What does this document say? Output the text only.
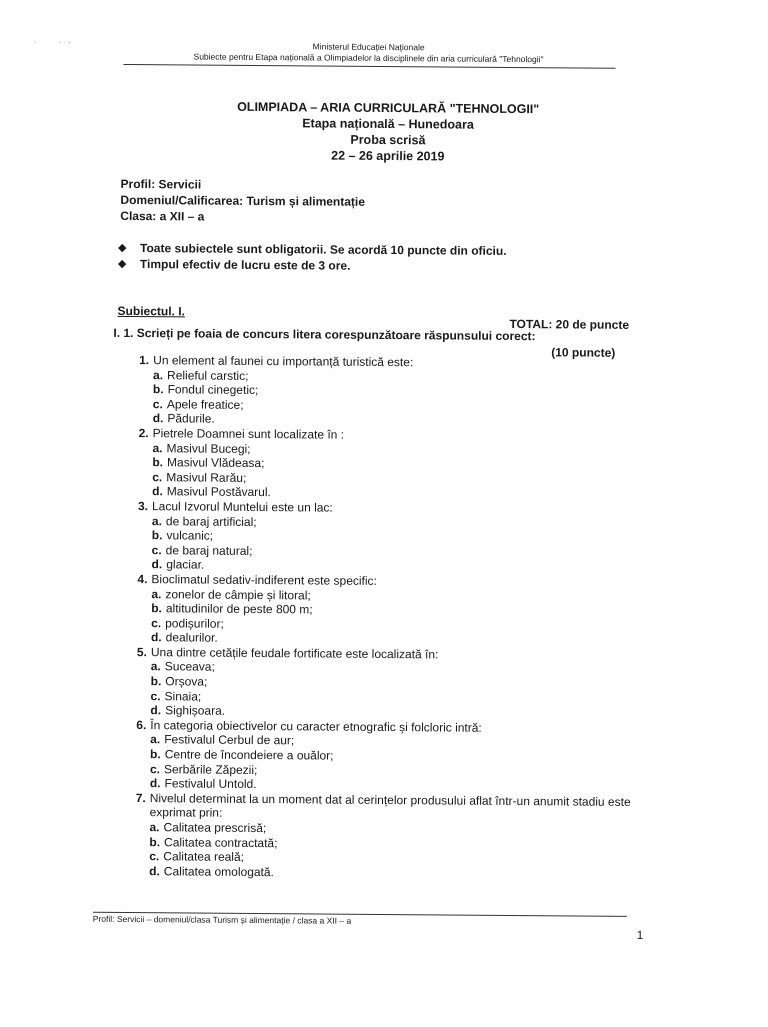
·          ·   ·	Ministerul Educației Naționale
Subiecte pentru Etapa națională a Olimpiadelor la disciplinele din aria curriculară "Tehnologii"
OLIMPIADA – ARIA CURRICULARĂ "TEHNOLOGII"
Etapa națională – Hunedoara
Proba scrisă
22 – 26 aprilie 2019
Profil: Servicii
Domeniul/Calificarea: Turism și alimentație
Clasa: a XII – a
◆ Toate subiectele sunt obligatorii. Se acordă 10 puncte din oficiu.
◆ Timpul efectiv de lucru este de 3 ore.
Subiectul. I.
TOTAL: 20 de puncte
I. 1. Scrieți pe foaia de concurs litera corespunzătoare răspunsului corect:
(10 puncte)
1. Un element al faunei cu importanță turistică este:
a. Relieful carstic;
b. Fondul cinegetic;
c. Apele freatice;
d. Pădurile.
2. Pietrele Doamnei sunt localizate în :
a. Masivul Bucegi;
b. Masivul Vlădeasa;
c. Masivul Rarău;
d. Masivul Postăvarul.
3. Lacul Izvorul Muntelui este un lac:
a. de baraj artificial;
b. vulcanic;
c. de baraj natural;
d. glaciar.
4. Bioclimatul sedativ-indiferent este specific:
a. zonelor de câmpie și litoral;
b. altitudinilor de peste 800 m;
c. podișurilor;
d. dealurilor.
5. Una dintre cetățile feudale fortificate este localizată în:
a. Suceava;
b. Orșova;
c. Sinaia;
d. Sighișoara.
6. În categoria obiectivelor cu caracter etnografic și folcloric intră:
a. Festivalul Cerbul de aur;
b. Centre de încondeiere a ouălor;
c. Serbările Zăpezii;
d. Festivalul Untold.
7. Nivelul determinat la un moment dat al cerințelor produsului aflat într-un anumit stadiu este exprimat prin:
a. Calitatea prescrisă;
b. Calitatea contractată;
c. Calitatea reală;
d. Calitatea omologată.
Profil: Servicii – domeniul/clasa Turism și alimentație / clasa a XII – a
1
